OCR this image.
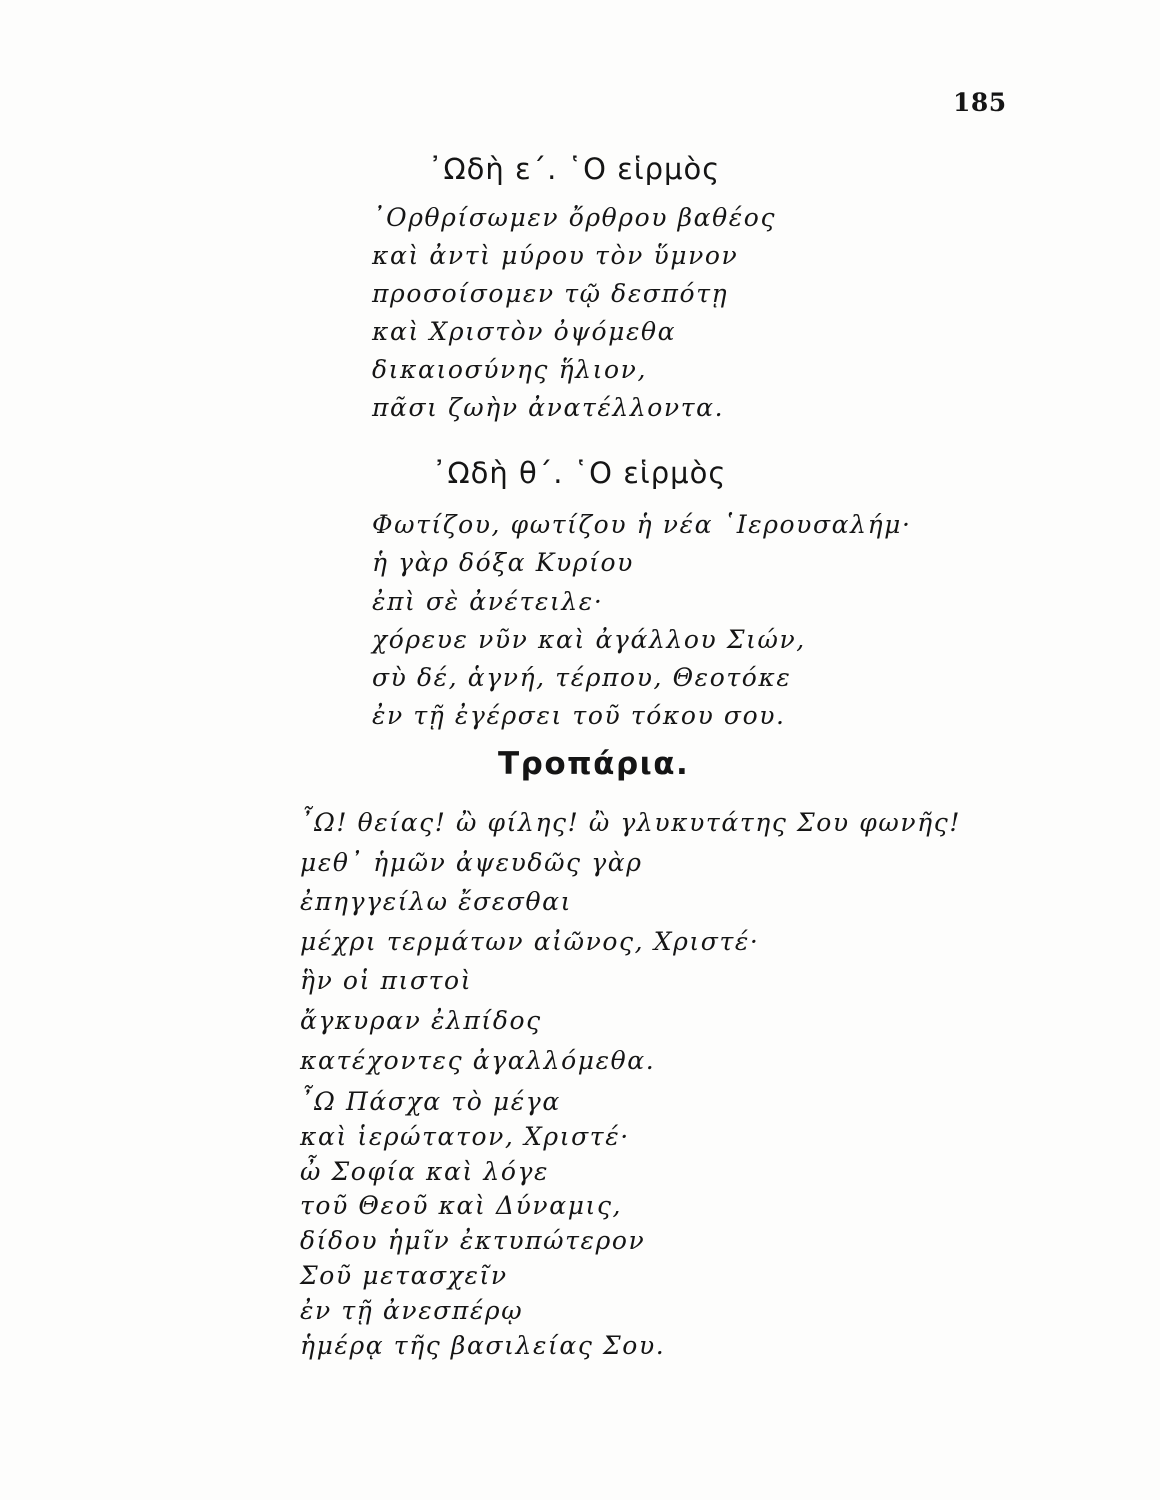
185
᾿Ωδὴ ε΄. ῾Ο εἱρμὸς
᾿Ορθρίσωμεν ὄρθρου βαθέος
καὶ ἀντὶ μύρου τὸν ὕμνον
προσοίσομεν τῷ δεσπότῃ
καὶ Χριστὸν ὀψόμεθα
δικαιοσύνης ἥλιον,
πᾶσι ζωὴν ἀνατέλλοντα.
᾿Ωδὴ θ΄. ῾Ο εἱρμὸς
Φωτίζου, φωτίζου ἡ νέα ῾Ιερουσαλήμ·
ἡ γὰρ δόξα Κυρίου
ἐπὶ σὲ ἀνέτειλε·
χόρευε νῦν καὶ ἀγάλλου Σιών,
σὺ δέ, ἁγνή, τέρπου, Θεοτόκε
ἐν τῇ ἐγέρσει τοῦ τόκου σου.
Τροπάρια.
῏Ω! θείας! ὢ φίλης! ὢ γλυκυτάτης Σου φωνῆς!
μεθ᾿ ἡμῶν ἀψευδῶς γὰρ
ἐπηγγείλω ἔσεσθαι
μέχρι τερμάτων αἰῶνος, Χριστέ·
ἣν οἱ πιστοὶ
ἄγκυραν ἐλπίδος
κατέχοντες ἀγαλλόμεθα.
῏Ω Πάσχα τὸ μέγα
καὶ ἱερώτατον, Χριστέ·
ὦ Σοφία καὶ λόγε
τοῦ Θεοῦ καὶ Δύναμις,
δίδου ἡμῖν ἐκτυπώτερον
Σοῦ μετασχεῖν
ἐν τῇ ἀνεσπέρῳ
ἡμέρᾳ τῆς βασιλείας Σου.
